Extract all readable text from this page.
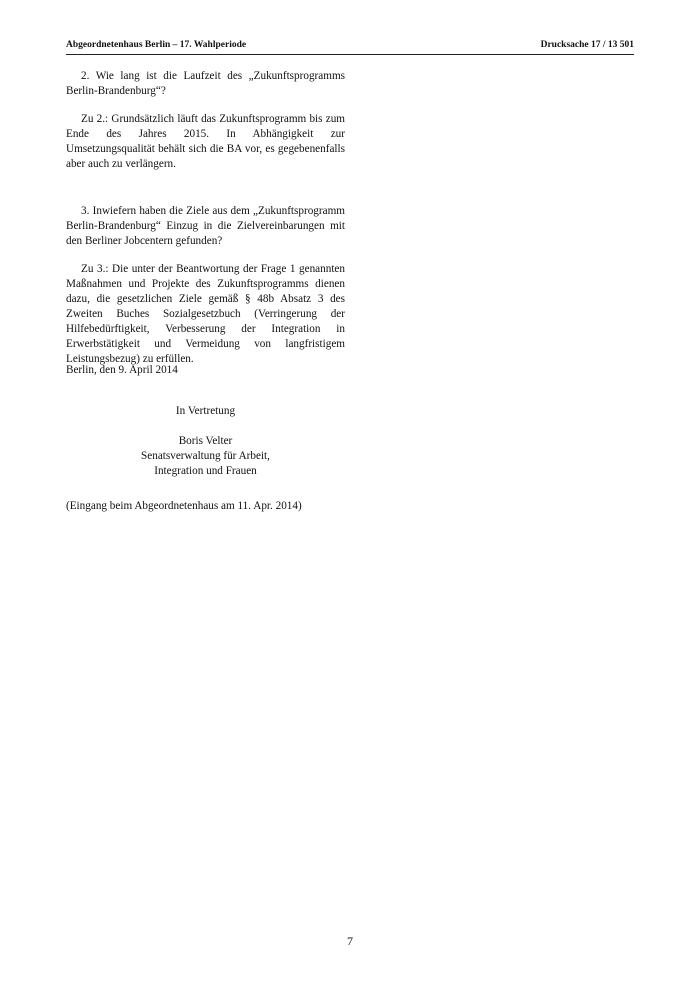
Abgeordnetenhaus Berlin – 17. Wahlperiode	Drucksache 17 / 13 501

2. Wie lang ist die Laufzeit des „Zukunftsprogramms Berlin-Brandenburg“?

Zu 2.: Grundsätzlich läuft das Zukunftsprogramm bis zum Ende des Jahres 2015. In Abhängigkeit zur Umsetzungsqualität behält sich die BA vor, es gegebenenfalls aber auch zu verlängern.

3. Inwiefern haben die Ziele aus dem „Zukunftsprogramm Berlin-Brandenburg“ Einzug in die Zielvereinbarungen mit den Berliner Jobcentern gefunden?

Zu 3.: Die unter der Beantwortung der Frage 1 genannten Maßnahmen und Projekte des Zukunftsprogramms dienen dazu, die gesetzlichen Ziele gemäß § 48b Absatz 3 des Zweiten Buches Sozialgesetzbuch (Verringerung der Hilfebedürftigkeit, Verbesserung der Integration in Erwerbstätigkeit und Vermeidung von langfristigem Leistungsbezug) zu erfüllen.

Berlin, den 9. April 2014
In Vertretung
Boris Velter
Senatsverwaltung für Arbeit,
Integration und Frauen
(Eingang beim Abgeordnetenhaus am 11. Apr. 2014)
7
